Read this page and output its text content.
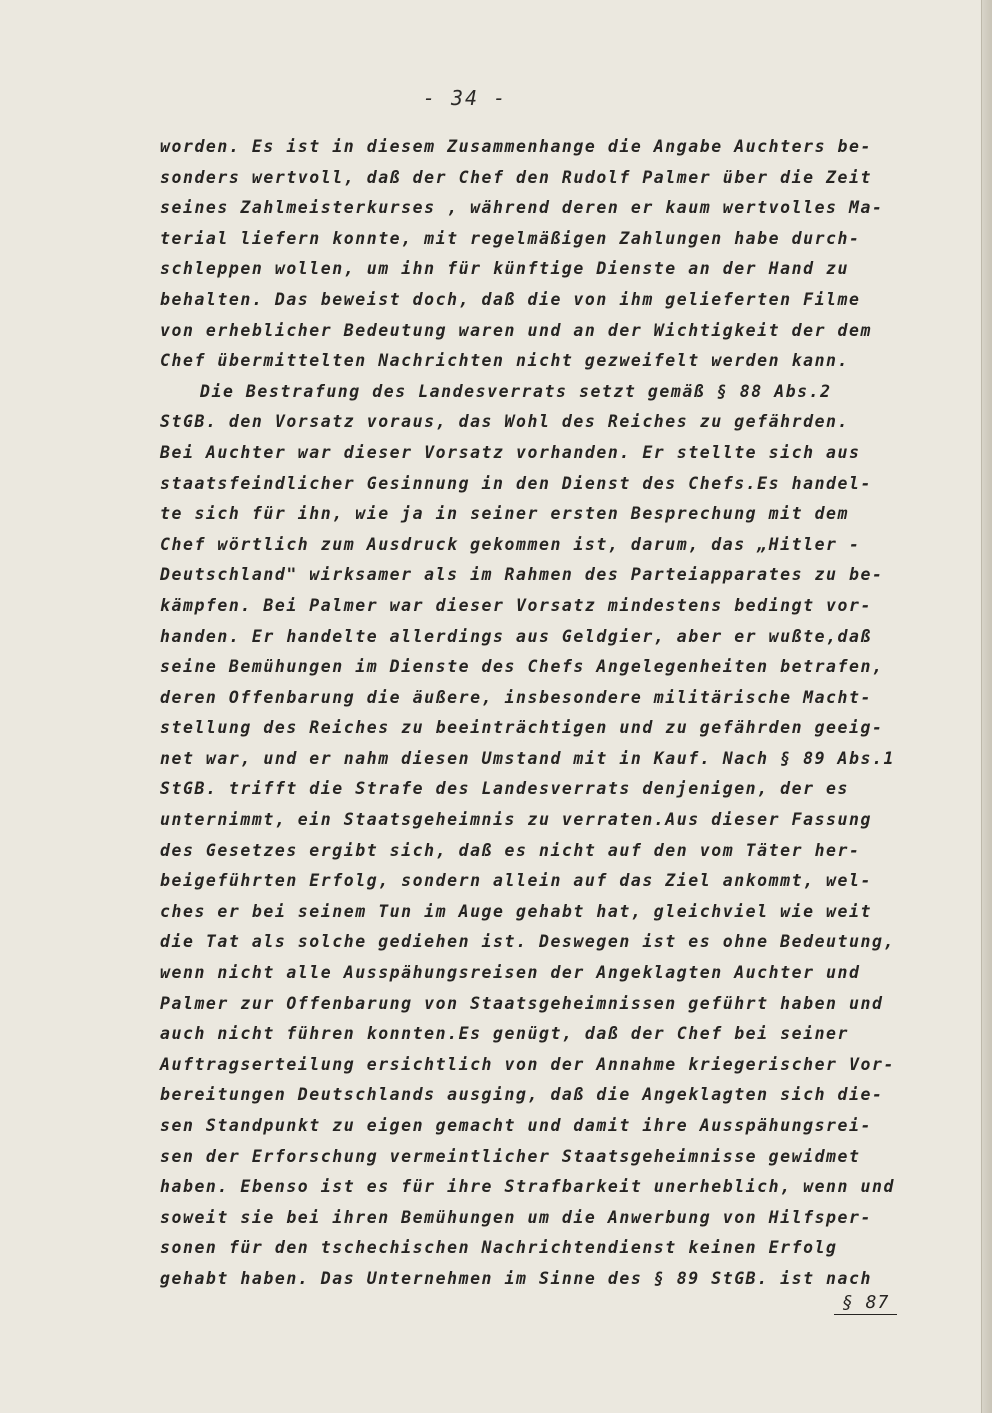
- 34 -
worden. Es ist in diesem Zusammenhange die Angabe Auchters be-
sonders wertvoll, daß der Chef den Rudolf Palmer über die Zeit
seines Zahlmeisterkurses , während deren er kaum wertvolles Ma-
terial liefern konnte, mit regelmäßigen Zahlungen habe durch-
schleppen wollen, um ihn für künftige Dienste an der Hand zu
behalten. Das beweist doch, daß die von ihm gelieferten Filme
von erheblicher Bedeutung waren und an der Wichtigkeit der dem
Chef übermittelten Nachrichten nicht gezweifelt werden kann.
Die Bestrafung des Landesverrats setzt gemäß § 88 Abs.2
StGB. den Vorsatz voraus, das Wohl des Reiches zu gefährden.
Bei Auchter war dieser Vorsatz vorhanden. Er stellte sich aus
staatsfeindlicher Gesinnung in den Dienst des Chefs.Es handel-
te sich für ihn, wie ja in seiner ersten Besprechung mit dem
Chef wörtlich zum Ausdruck gekommen ist, darum, das „Hitler -
Deutschland" wirksamer als im Rahmen des Parteiapparates zu be-
kämpfen. Bei Palmer war dieser Vorsatz mindestens bedingt vor-
handen. Er handelte allerdings aus Geldgier, aber er wußte,daß
seine Bemühungen im Dienste des Chefs Angelegenheiten betrafen,
deren Offenbarung die äußere, insbesondere militärische Macht-
stellung des Reiches zu beeinträchtigen und zu gefährden geeig-
net war, und er nahm diesen Umstand mit in Kauf. Nach § 89 Abs.1
StGB. trifft die Strafe des Landesverrats denjenigen, der es
unternimmt, ein Staatsgeheimnis zu verraten.Aus dieser Fassung
des Gesetzes ergibt sich, daß es nicht auf den vom Täter her-
beigeführten Erfolg, sondern allein auf das Ziel ankommt, wel-
ches er bei seinem Tun im Auge gehabt hat, gleichviel wie weit
die Tat als solche gediehen ist. Deswegen ist es ohne Bedeutung,
wenn nicht alle Ausspähungsreisen der Angeklagten Auchter und
Palmer zur Offenbarung von Staatsgeheimnissen geführt haben und
auch nicht führen konnten.Es genügt, daß der Chef bei seiner
Auftragserteilung ersichtlich von der Annahme kriegerischer Vor-
bereitungen Deutschlands ausging, daß die Angeklagten sich die-
sen Standpunkt zu eigen gemacht und damit ihre Ausspähungsrei-
sen der Erforschung vermeintlicher Staatsgeheimnisse gewidmet
haben. Ebenso ist es für ihre Strafbarkeit unerheblich, wenn und
soweit sie bei ihren Bemühungen um die Anwerbung von Hilfsper-
sonen für den tschechischen Nachrichtendienst keinen Erfolg
gehabt haben. Das Unternehmen im Sinne des § 89 StGB. ist nach
§ 87
